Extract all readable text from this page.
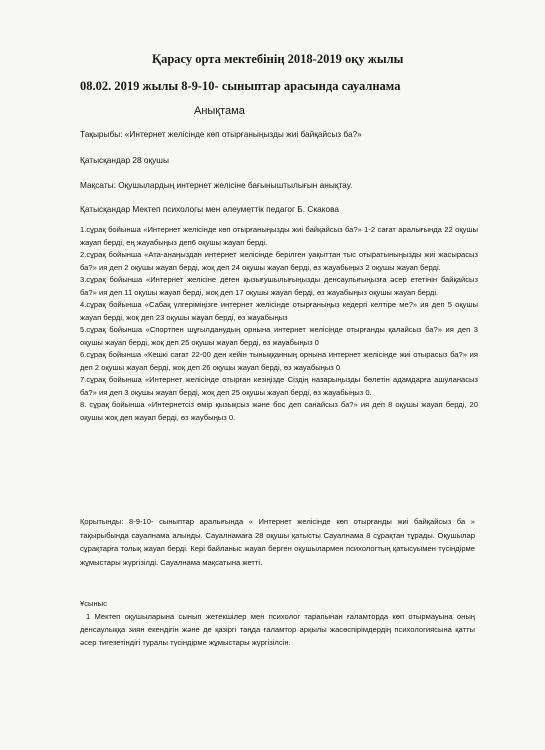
Қарасу орта мектебінің 2018-2019 оқу жылы
08.02. 2019 жылы 8-9-10- сыныптар арасында сауалнама
Анықтама
Тақырыбы: «Интернет желісінде көп отырғаныңызды жиі байқайсыз ба?»
Қатысқандар 28 оқушы
Мақсаты: Оқушылардың интернет желісіне бағыныштылығын анықтау.
Қатысқандар Мектеп психологы мен әлеуметтік педагог Б. Скакова

1.сұрақ бойынша «Интернет желісінде көп отырғаныңызды жиі байқайсыз ба?» 1-2 сағат аралығында 22 оқушы жауап берді, ең жауабыңыз деп6 оқушы жауап берді.

2.сұрақ бойынша «Ата-анаңыздан интернет желісінде берілген уақыттан тыс отыратыныңызды жиі жасырасыз ба?» ия деп 2 оқушы жауап берді, жоқ деп 24 оқушы жауап берді, өз жауабыңыз 2 оқушы жауап берді.

3.сұрақ бойынша «Интернет желісіне деген қызығушылығыңызды денсаулығыңызға әсер ететінін байқайсыз ба?» ия деп 11 оқушы жауап берді, жоқ деп 17 оқушы жауап берді, өз жауабыңыз оқушы жауап берді.

4.сұрақ бойынша «Сабақ үлгеріміңізге интернет желісінде отырғаныңыз кедергі келтіре ме?» ия деп 5 оқушы жауап берді, жоқ деп 23 оқушы жауап берді, өз жауабыңыз

5.сұрақ бойынша «Спортпен шұғылданудың орнына интернет желісінде отырғанды қалайсыз ба?» ия деп 3 оқушы жауап берді, жоқ деп 25 оқушы жауап берді, өз жауабыңыз 0

6.сұрақ бойынша «Кешкі сағат 22-00 ден кейін тыныққанның орнына интернет желісінде жиі отырасыз ба?» ия деп 2 оқушы жауап берді, жоқ деп 26 оқушы жауап берді, өз жауабыңыз 0

7.сұрақ бойынша «Интернет желісінде отырған кезіңізде Сіздің назарыңызды бөлетін адамдарға ашуланасыз ба?» ия деп 3 оқушы жауап берді, жоқ деп 25 оқушы жауап берді, өз жауабыңыз 0.

8. сұрақ бойынша «Интернетсіз өмір қызықсыз және бос деп санайсыз ба?» ия деп 8 оқушы жауап берді, 20 оқушы жоқ деп жауап берді, өз жаубыңыз 0.

Қорытынды: 8-9-10- сыныптар аралығында « Интернет желісінде көп отырғанды жиі байқайсыз ба » тақырыбында сауалнама алынды. Сауалнамаға 28 оқушы қатысты Сауалнама 8 сұрақтан тұрады. Оқушылар сұрақтарға толық жауап берді. Кері байланыс жауап берген оқушылармен психологтың қатысуымен түсіндірме жұмыстары жүргізілді. Сауалнама мақсатына жетті.
Ұсыныс
1 Мектеп оқушыларына сынып жетекшілер мен психолог тарапынан ғаламторда көп отырмауына оның денсаулыққа зиян екендігін және де қазіргі таңда ғаламтор арқылы жасөспірімдердің психологиясына қатты әсер тигезетіндігі туралы түсіндірме жұмыстары жүргізілсін.
